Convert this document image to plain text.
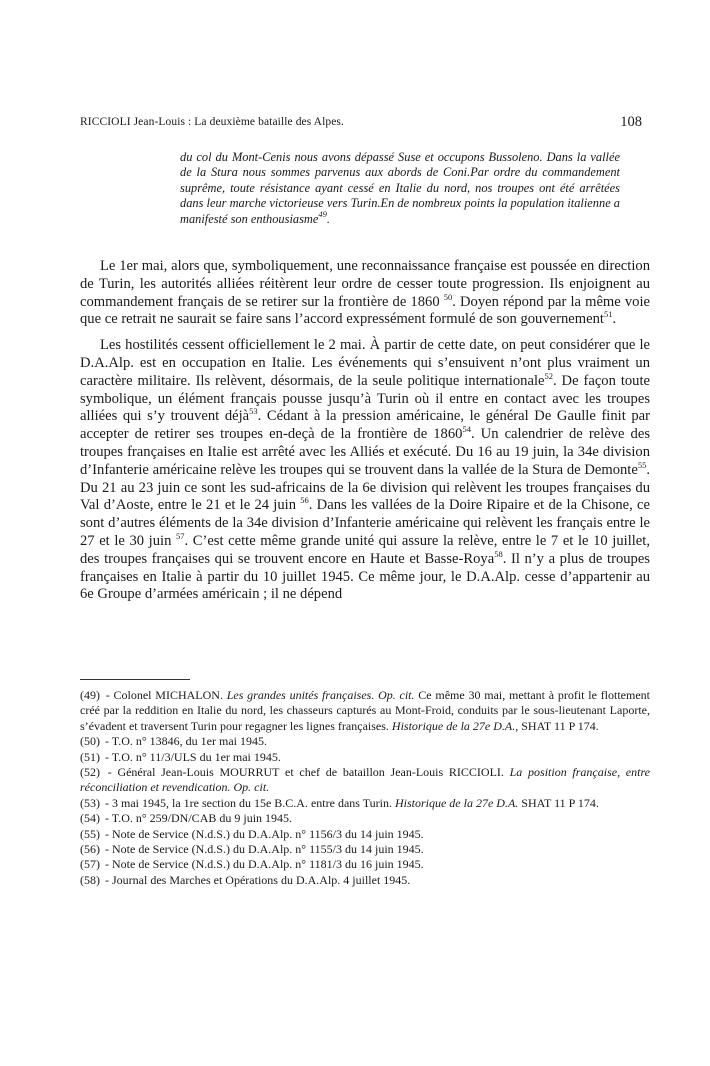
RICCIOLI Jean-Louis : La deuxième bataille des Alpes.	108
du col du Mont-Cenis nous avons dépassé Suse et occupons Bussoleno. Dans la vallée de la Stura nous sommes parvenus aux abords de Coni.Par ordre du commandement suprême, toute résistance ayant cessé en Italie du nord, nos troupes ont été arrêtées dans leur marche victorieuse vers Turin.En de nombreux points la population italienne a manifesté son enthousiasme$^{49}$.

Le 1er mai, alors que, symboliquement, une reconnaissance française est poussée en direction de Turin, les autorités alliées réitèrent leur ordre de cesser toute progression. Ils enjoignent au commandement français de se retirer sur la frontière de 1860 $^{50}$. Doyen répond par la même voie que ce retrait ne saurait se faire sans l’accord expressément formulé de son gouvernement$^{51}$.

Les hostilités cessent officiellement le 2 mai. À partir de cette date, on peut considérer que le D.A.Alp. est en occupation en Italie. Les événements qui s’ensuivent n’ont plus vraiment un caractère militaire. Ils relèvent, désormais, de la seule politique internationale$^{52}$. De façon toute symbolique, un élément français pousse jusqu’à Turin où il entre en contact avec les troupes alliées qui s’y trouvent déjà$^{53}$. Cédant à la pression américaine, le général De Gaulle finit par accepter de retirer ses troupes en-deçà de la frontière de 1860$^{54}$. Un calendrier de relève des troupes françaises en Italie est arrêté avec les Alliés et exécuté. Du 16 au 19 juin, la 34e division d’Infanterie américaine relève les troupes qui se trouvent dans la vallée de la Stura de Demonte$^{55}$. Du 21 au 23 juin ce sont les sud-africains de la 6e division qui relèvent les troupes françaises du Val d’Aoste, entre le 21 et le 24 juin $^{56}$. Dans les vallées de la Doire Ripaire et de la Chisone, ce sont d’autres éléments de la 34e division d’Infanterie américaine qui relèvent les français entre le 27 et le 30 juin $^{57}$. C’est cette même grande unité qui assure la relève, entre le 7 et le 10 juillet, des troupes françaises qui se trouvent encore en Haute et Basse-Roya$^{58}$. Il n’y a plus de troupes françaises en Italie à partir du 10 juillet 1945. Ce même jour, le D.A.Alp. cesse d’appartenir au 6e Groupe d’armées américain ; il ne dépend

(49) - Colonel MICHALON. Les grandes unités françaises. Op. cit. Ce même 30 mai, mettant à profit le flottement créé par la reddition en Italie du nord, les chasseurs capturés au Mont-Froid, conduits par le sous-lieutenant Laporte, s’évadent et traversent Turin pour regagner les lignes françaises. Historique de la 27e D.A., SHAT 11 P 174.

(50) - T.O. n° 13846, du 1er mai 1945.

(51) - T.O. n° 11/3/ULS du 1er mai 1945.

(52) - Général Jean-Louis MOURRUT et chef de bataillon Jean-Louis RICCIOLI. La position française, entre réconciliation et revendication. Op. cit.

(53) - 3 mai 1945, la 1re section du 15e B.C.A. entre dans Turin. Historique de la 27e D.A. SHAT 11 P 174.

(54) - T.O. n° 259/DN/CAB du 9 juin 1945.

(55) - Note de Service (N.d.S.) du D.A.Alp. n° 1156/3 du 14 juin 1945.

(56) - Note de Service (N.d.S.) du D.A.Alp. n° 1155/3 du 14 juin 1945.

(57) - Note de Service (N.d.S.) du D.A.Alp. n° 1181/3 du 16 juin 1945.

(58) - Journal des Marches et Opérations du D.A.Alp. 4 juillet 1945.
